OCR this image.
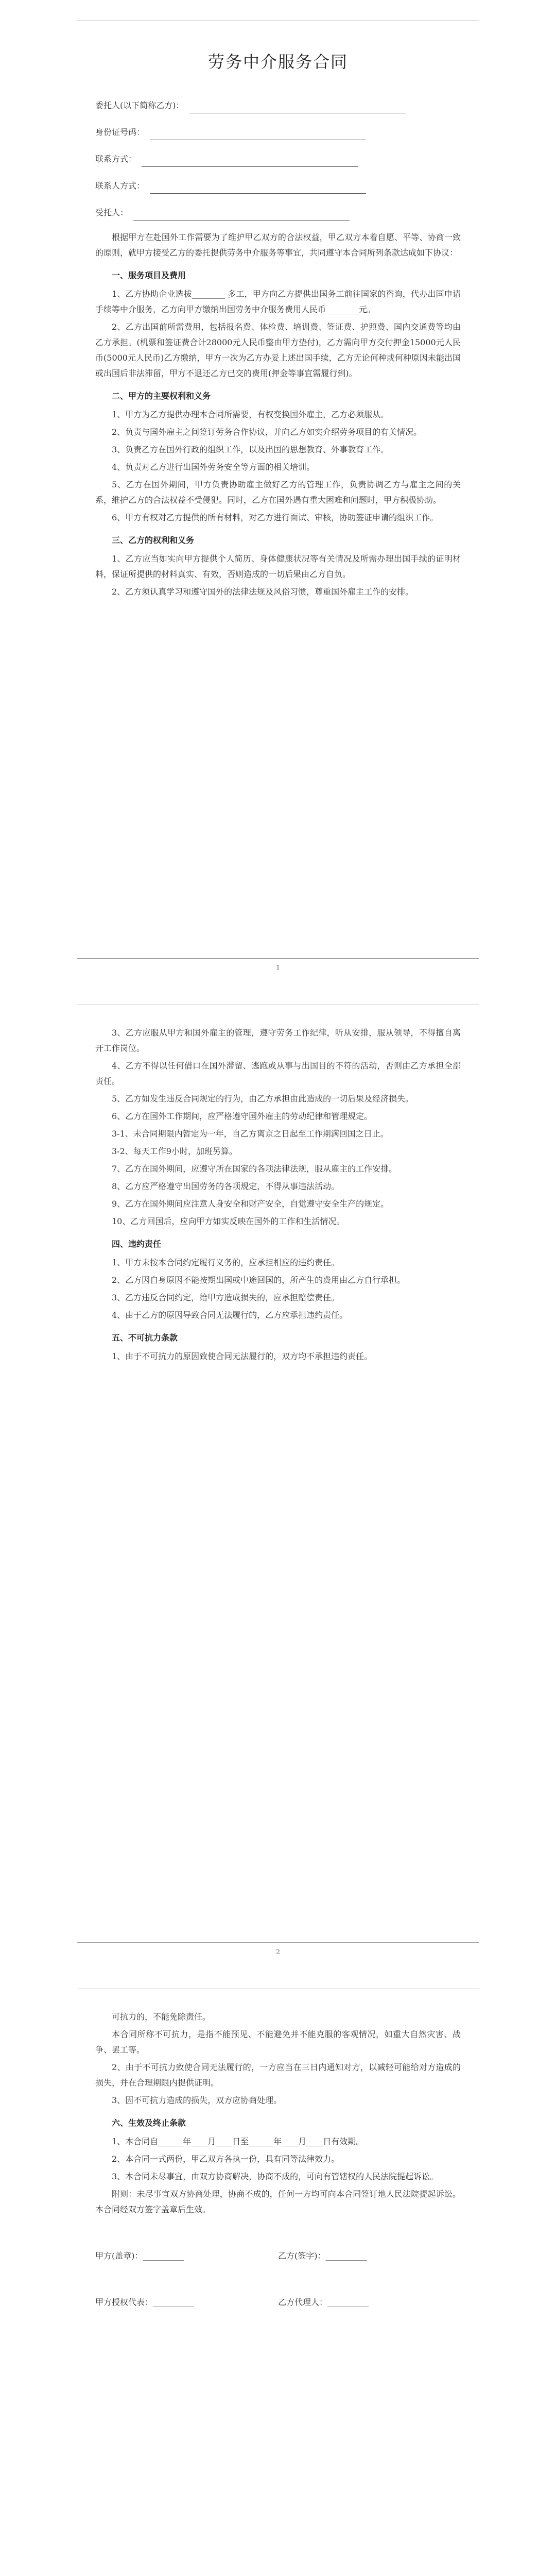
劳务中介服务合同
委托人(以下简称乙方)：
身份证号码：
联系方式：
联系人方式：
受托人：
根据甲方在赴国外工作需要为了维护甲乙双方的合法权益，甲乙双方本着自愿、平等、协商一致的原则，就甲方接受乙方的委托提供劳务中介服务等事宜，共同遵守本合同所列条款达成如下协议：
一、服务项目及费用
1、乙方协助企业选拔________ 多工，甲方向乙方提供出国务工前往国家的咨询，代办出国申请手续等中介服务，乙方向甲方缴纳出国劳务中介服务费用人民币________元。
2、乙方出国前所需费用，包括报名费、体检费、培训费、签证费、护照费、国内交通费等均由乙方承担。(机票和签证费合计28000元人民币整由甲方垫付)，乙方需向甲方交付押金15000元人民币(5000元人民币)乙方缴纳，甲方一次为乙方办妥上述出国手续，乙方无论何种或何种原因未能出国或出国后非法滞留，甲方不退还乙方已交的费用(押金等事宜需履行到)。
二、甲方的主要权利和义务
1、甲方为乙方提供办理本合同所需要，有权变换国外雇主，乙方必须服从。
2、负责与国外雇主之间签订劳务合作协议，并向乙方如实介绍劳务项目的有关情况。
3、负责乙方在国外行政的组织工作，以及出国的思想教育、外事教育工作。
4、负责对乙方进行出国外劳务安全等方面的相关培训。
5、乙方在国外期间，甲方负责协助雇主做好乙方的管理工作，负责协调乙方与雇主之间的关系，维护乙方的合法权益不受侵犯。同时，乙方在国外遇有重大困难和问题时，甲方积极协助。
6、甲方有权对乙方提供的所有材料，对乙方进行面试、审核，协助签证申请的组织工作。
三、乙方的权利和义务
1、乙方应当如实向甲方提供个人简历、身体健康状况等有关情况及所需办理出国手续的证明材料，保证所提供的材料真实、有效，否则造成的一切后果由乙方自负。
2、乙方须认真学习和遵守国外的法律法规及风俗习惯，尊重国外雇主工作的安排。
1
3、乙方应服从甲方和国外雇主的管理，遵守劳务工作纪律，听从安排，服从领导，不得擅自离开工作岗位。
4、乙方不得以任何借口在国外滞留、逃跑或从事与出国目的不符的活动，否则由乙方承担全部责任。
5、乙方如发生违反合同规定的行为，由乙方承担由此造成的一切后果及经济损失。
6、乙方在国外工作期间，应严格遵守国外雇主的劳动纪律和管理规定。
3-1、未合同期限内暂定为一年，自乙方离京之日起至工作期满回国之日止。
3-2、每天工作9小时，加班另算。
7、乙方在国外期间，应遵守所在国家的各项法律法规，服从雇主的工作安排。
8、乙方应严格遵守出国劳务的各项规定，不得从事违法活动。
9、乙方在国外期间应注意人身安全和财产安全，自觉遵守安全生产的规定。
10、乙方回国后，应向甲方如实反映在国外的工作和生活情况。
四、违约责任
1、甲方未按本合同约定履行义务的，应承担相应的违约责任。
2、乙方因自身原因不能按期出国或中途回国的，所产生的费用由乙方自行承担。
3、乙方违反合同约定，给甲方造成损失的，应承担赔偿责任。
4、由于乙方的原因导致合同无法履行的，乙方应承担违约责任。
五、不可抗力条款
1、由于不可抗力的原因致使合同无法履行的，双方均不承担违约责任。
2
可抗力的，不能免除责任。
本合同所称不可抗力，是指不能预见、不能避免并不能克服的客观情况，如重大自然灾害、战争、罢工等。
2、由于不可抗力致使合同无法履行的，一方应当在三日内通知对方，以减轻可能给对方造成的损失，并在合理期限内提供证明。
3、因不可抗力造成的损失，双方应协商处理。
六、生效及终止条款
1、本合同自______年____月____日至______年____月____日有效期。
2、本合同一式两份，甲乙双方各执一份，具有同等法律效力。
3、本合同未尽事宜，由双方协商解决，协商不成的，可向有管辖权的人民法院提起诉讼。
附则：未尽事宜双方协商处理，协商不成的，任何一方均可向本合同签订地人民法院提起诉讼。本合同经双方签字盖章后生效。
甲方(盖章)：__________	乙方(签字)：__________
甲方授权代表：__________	乙方代理人：__________
